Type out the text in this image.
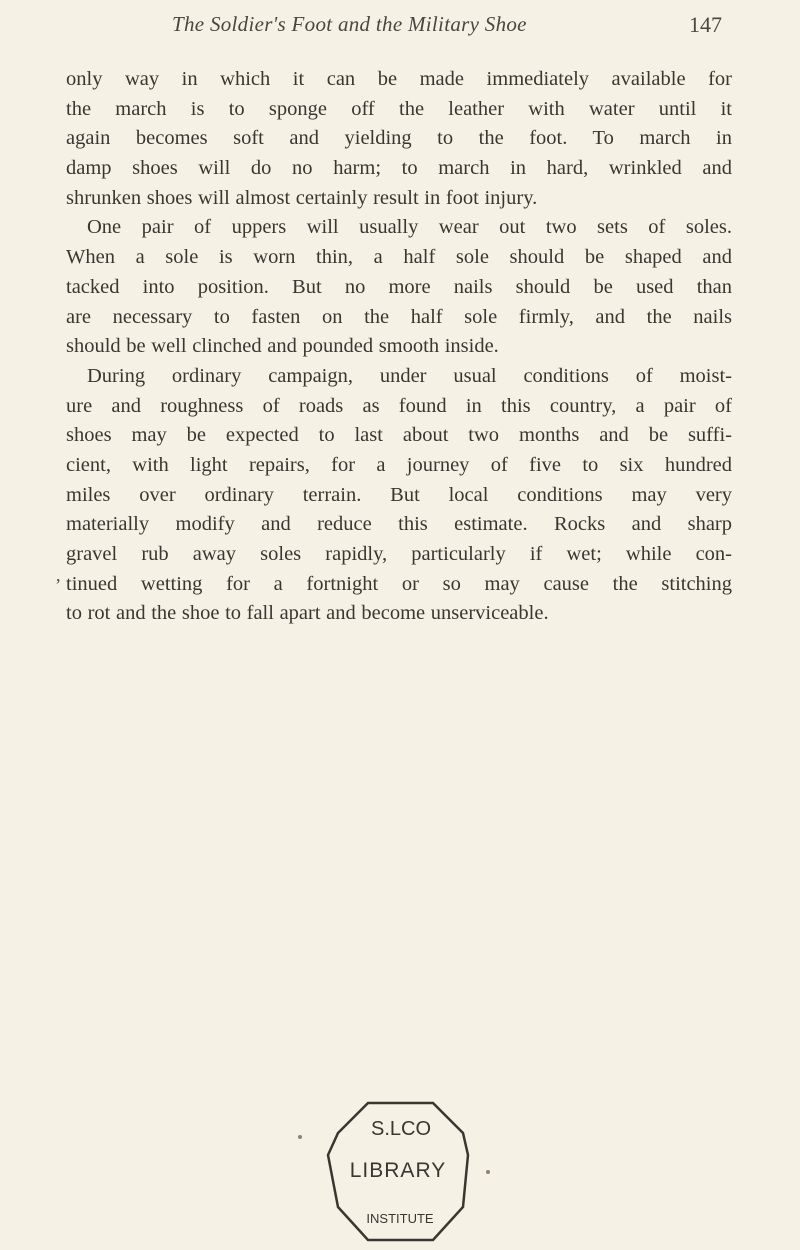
The Soldier's Foot and the Military Shoe	147
only way in which it can be made immediately available for
the march is to sponge off the leather with water until it
again becomes soft and yielding to the foot. To march in
damp shoes will do no harm; to march in hard, wrinkled and
shrunken shoes will almost certainly result in foot injury.
One pair of uppers will usually wear out two sets of soles.
When a sole is worn thin, a half sole should be shaped and
tacked into position. But no more nails should be used than
are necessary to fasten on the half sole firmly, and the nails
should be well clinched and pounded smooth inside.
During ordinary campaign, under usual conditions of moist-
ure and roughness of roads as found in this country, a pair of
shoes may be expected to last about two months and be suffi-
cient, with light repairs, for a journey of five to six hundred
miles over ordinary terrain. But local conditions may very
materially modify and reduce this estimate. Rocks and sharp
gravel rub away soles rapidly, particularly if wet; while con-
tinued wetting for a fortnight or so may cause the stitching
to rot and the shoe to fall apart and become unserviceable.
,
S.LCO
LIBRARY
INSTITUTE
